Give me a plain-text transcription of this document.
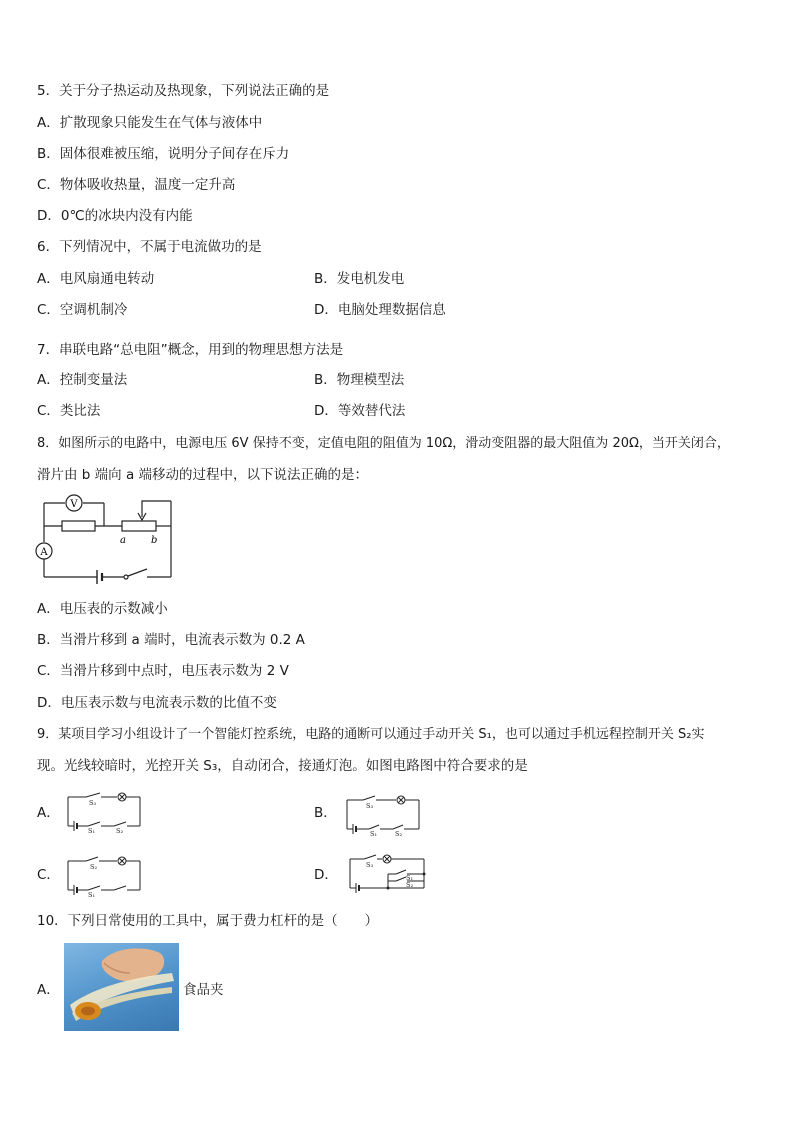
5．关于分子热运动及热现象，下列说法正确的是
A．扩散现象只能发生在气体与液体中
B．固体很难被压缩，说明分子间存在斥力
C．物体吸收热量，温度一定升高
D．0℃的冰块内没有内能
6．下列情况中，不属于电流做功的是
A．电风扇通电转动	B．发电机发电
C．空调机制冷	D．电脑处理数据信息
7．串联电路“总电阻”概念，用到的物理思想方法是
A．控制变量法	B．物理模型法
C．类比法	D．等效替代法
8．如图所示的电路中，电源电压 6V 保持不变，定值电阻的阻值为 10Ω，滑动变阻器的最大阻值为 20Ω，当开关闭合，
滑片由 b 端向 a 端移动的过程中，以下说法正确的是：
V
A
a	b
A．电压表的示数减小
B．当滑片移到 a 端时，电流表示数为 0.2 A
C．当滑片移到中点时，电压表示数为 2 V
D．电压表示数与电流表示数的比值不变
9．某项目学习小组设计了一个智能灯控系统，电路的通断可以通过手动开关 S₁，也可以通过手机远程控制开关 S₂实
现。光线较暗时，光控开关 S₃，自动闭合，接通灯泡。如图电路图中符合要求的是
A．
S₃
S₁	S₂
B．	S₃
S₁	S₂
C．	S₂
S₁
D．
S₃
S₁
S₂
10．下列日常使用的工具中，属于费力杠杆的是（　　）
A．	食品夹
